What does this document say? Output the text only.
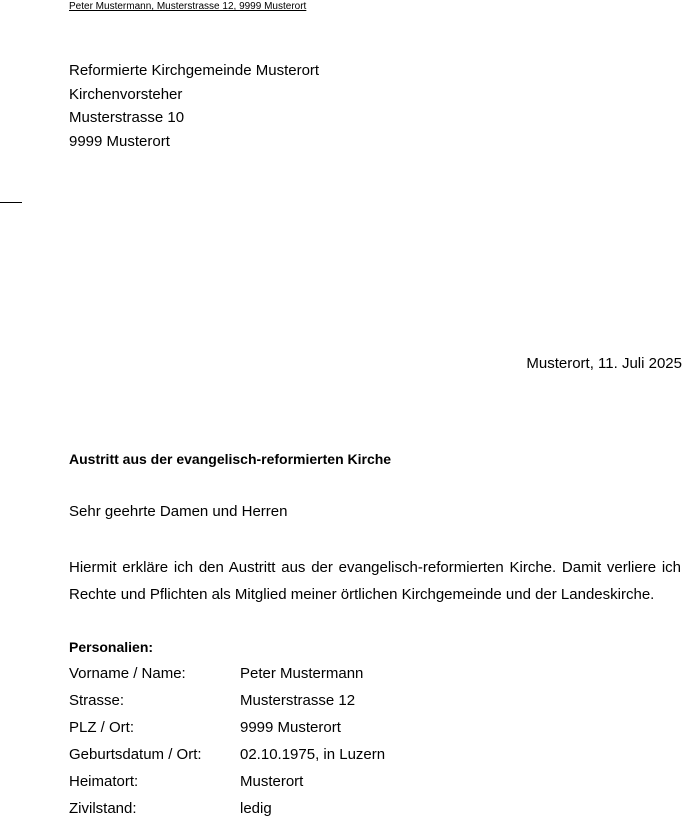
Peter Mustermann, Musterstrasse 12, 9999 Musterort
Reformierte Kirchgemeinde Musterort
Kirchenvorsteher
Musterstrasse 10
9999 Musterort
Musterort, 11. Juli 2025
Austritt aus der evangelisch-reformierten Kirche
Sehr geehrte Damen und Herren
Hiermit erkläre ich den Austritt aus der evangelisch-reformierten Kirche. Damit verliere ich Rechte und Pflichten als Mitglied meiner örtlichen Kirchgemeinde und der Landeskirche.
Personalien:
Vorname / Name:	Peter Mustermann
Strasse:	Musterstrasse 12
PLZ / Ort:	9999 Musterort
Geburtsdatum / Ort:	02.10.1975, in Luzern
Heimatort:	Musterort
Zivilstand:	ledig
